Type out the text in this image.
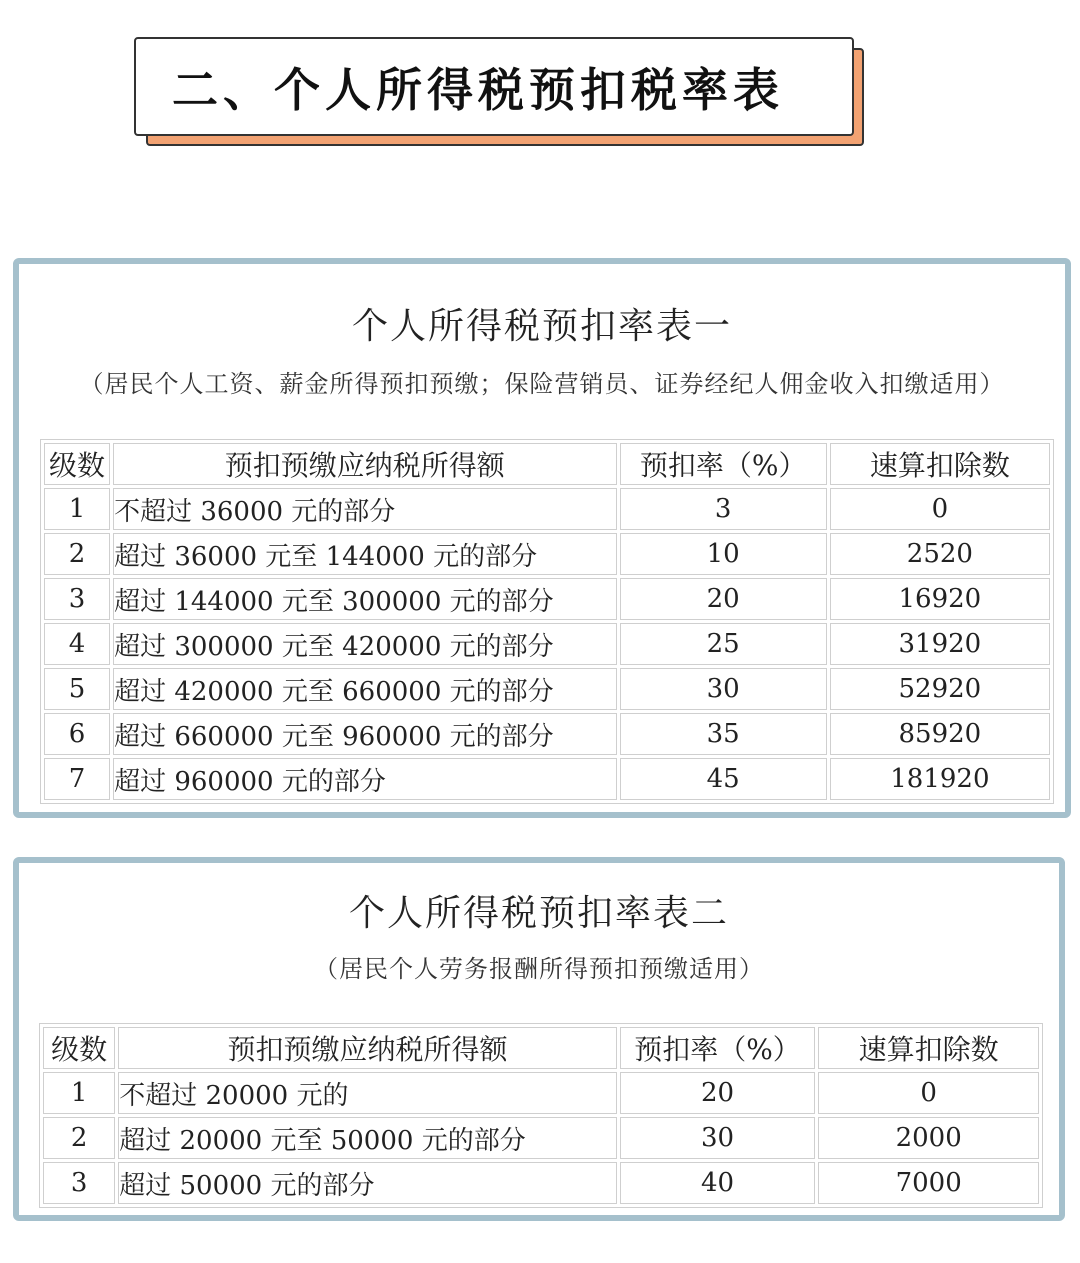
二、个人所得税预扣税率表
个人所得税预扣率表一
（居民个人工资、薪金所得预扣预缴；保险营销员、证券经纪人佣金收入扣缴适用）
级数	预扣预缴应纳税所得额	预扣率（%）	速算扣除数
1	不超过 36000 元的部分	3	0
2	超过 36000 元至 144000 元的部分	10	2520
3	超过 144000 元至 300000 元的部分	20	16920
4	超过 300000 元至 420000 元的部分	25	31920
5	超过 420000 元至 660000 元的部分	30	52920
6	超过 660000 元至 960000 元的部分	35	85920
7	超过 960000 元的部分	45	181920
个人所得税预扣率表二
（居民个人劳务报酬所得预扣预缴适用）
级数	预扣预缴应纳税所得额	预扣率（%）	速算扣除数
1	不超过 20000 元的	20	0
2	超过 20000 元至 50000 元的部分	30	2000
3	超过 50000 元的部分	40	7000
